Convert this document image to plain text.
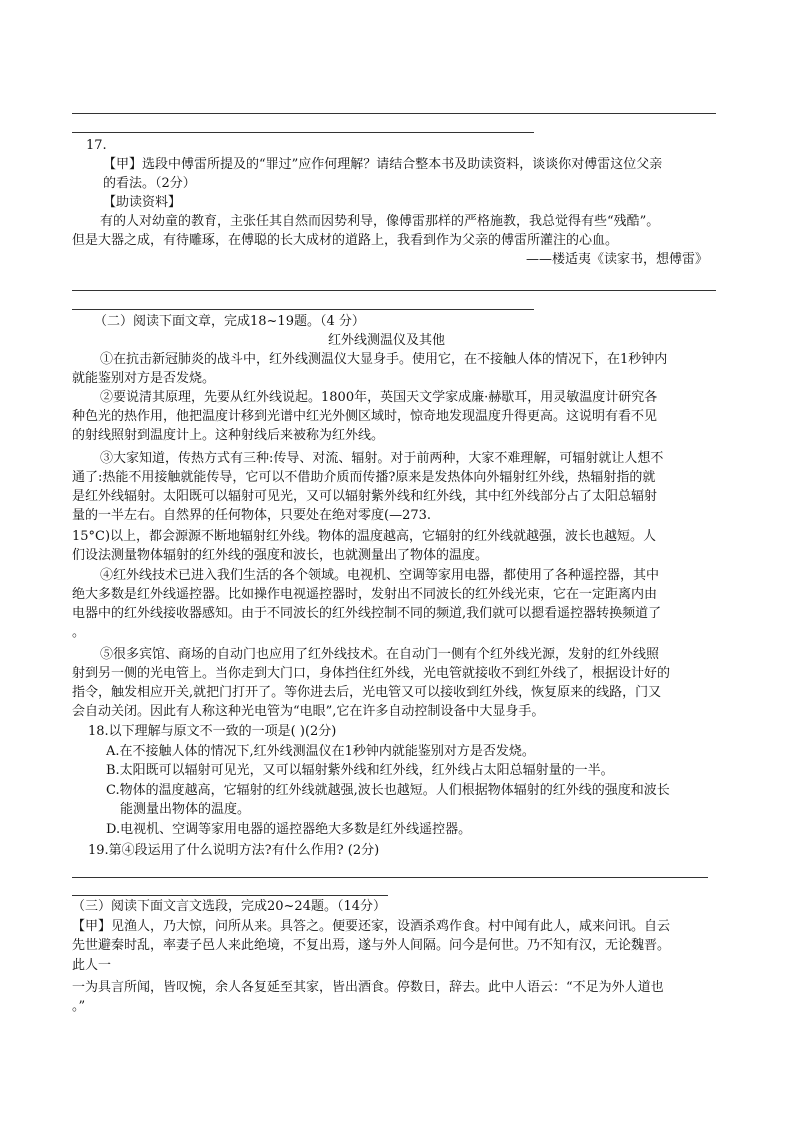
17.
【甲】选段中傅雷所提及的“罪过”应作何理解？请结合整本书及助读资料，谈谈你对傅雷这位父亲
的看法。（2分）
【助读资料】
有的人对幼童的教育，主张任其自然而因势利导，像傅雷那样的严格施教，我总觉得有些“残酷”。
但是大器之成，有待雕琢，在傅聪的长大成材的道路上，我看到作为父亲的傅雷所灌注的心血。
——楼适夷《读家书，想傅雷》
（二）阅读下面文章，完成18~19题。（4 分）
红外线测温仪及其他
①在抗击新冠肺炎的战斗中，红外线测温仪大显身手。使用它，在不接触人体的情况下，在1秒钟内
就能鉴别对方是否发烧。
②要说清其原理，先要从红外线说起。1800年，英国天文学家成廉·赫歇耳，用灵敏温度计研究各
种色光的热作用，他把温度计移到光谱中红光外侧区域时，惊奇地发现温度升得更高。这说明有看不见
的射线照射到温度计上。这种射线后来被称为红外线。
③大家知道，传热方式有三种:传导、对流、辐射。对于前两种，大家不难理解，可辐射就让人想不
通了:热能不用接触就能传导，它可以不借助介质而传播?原来是发热体向外辐射红外线，热辐射指的就
是红外线辐射。太阳既可以辐射可见光，又可以辐射紫外线和红外线，其中红外线部分占了太阳总辐射
量的一半左右。自然界的任何物体，只要处在绝对零度(—273.
15°C)以上，都会源源不断地辐射红外线。物体的温度越高，它辐射的红外线就越强，波长也越短。人
们设法测量物体辐射的红外线的强度和波长，也就测量出了物体的温度。
④红外线技术已进入我们生活的各个领域。电视机、空调等家用电器，都使用了各种遥控器，其中
绝大多数是红外线遥控器。比如操作电视遥控器时，发射出不同波长的红外线光束，它在一定距离内由
电器中的红外线接收器感知。由于不同波长的红外线控制不同的频道,我们就可以摁看遥控器转换频道了
。
⑤很多宾馆、商场的自动门也应用了红外线技术。在自动门一侧有个红外线光源，发射的红外线照
射到另一侧的光电管上。当你走到大门口，身体挡住红外线，光电管就接收不到红外线了，根据设计好的
指令，触发相应开关,就把门打开了。等你进去后，光电管又可以接收到红外线，恢复原来的线路，门又
会自动关闭。因此有人称这种光电管为“电眼”,它在许多自动控制设备中大显身手。
18.以下理解与原文不一致的一项是( )(2分)
A.在不接触人体的情况下,红外线测温仪在1秒钟内就能鉴别对方是否发烧。
B.太阳既可以辐射可见光，又可以辐射紫外线和红外线，红外线占太阳总辐射量的一半。
C.物体的温度越高，它辐射的红外线就越强,波长也越短。人们根据物体辐射的红外线的强度和波长
能测量出物体的温度。
D.电视机、空调等家用电器的遥控器绝大多数是红外线遥控器。
19.第④段运用了什么说明方法?有什么作用? (2分)
（三）阅读下面文言文选段，完成20~24题。（14分）
【甲】见渔人，乃大惊，问所从来。具答之。便要还家，设酒杀鸡作食。村中闻有此人，咸来问讯。自云
先世避秦时乱，率妻子邑人来此绝境，不复出焉，遂与外人间隔。问今是何世。乃不知有汉，无论魏晋。
此人一
一为具言所闻，皆叹惋，余人各复延至其家，皆出酒食。停数日，辞去。此中人语云：“不足为外人道也
。”
